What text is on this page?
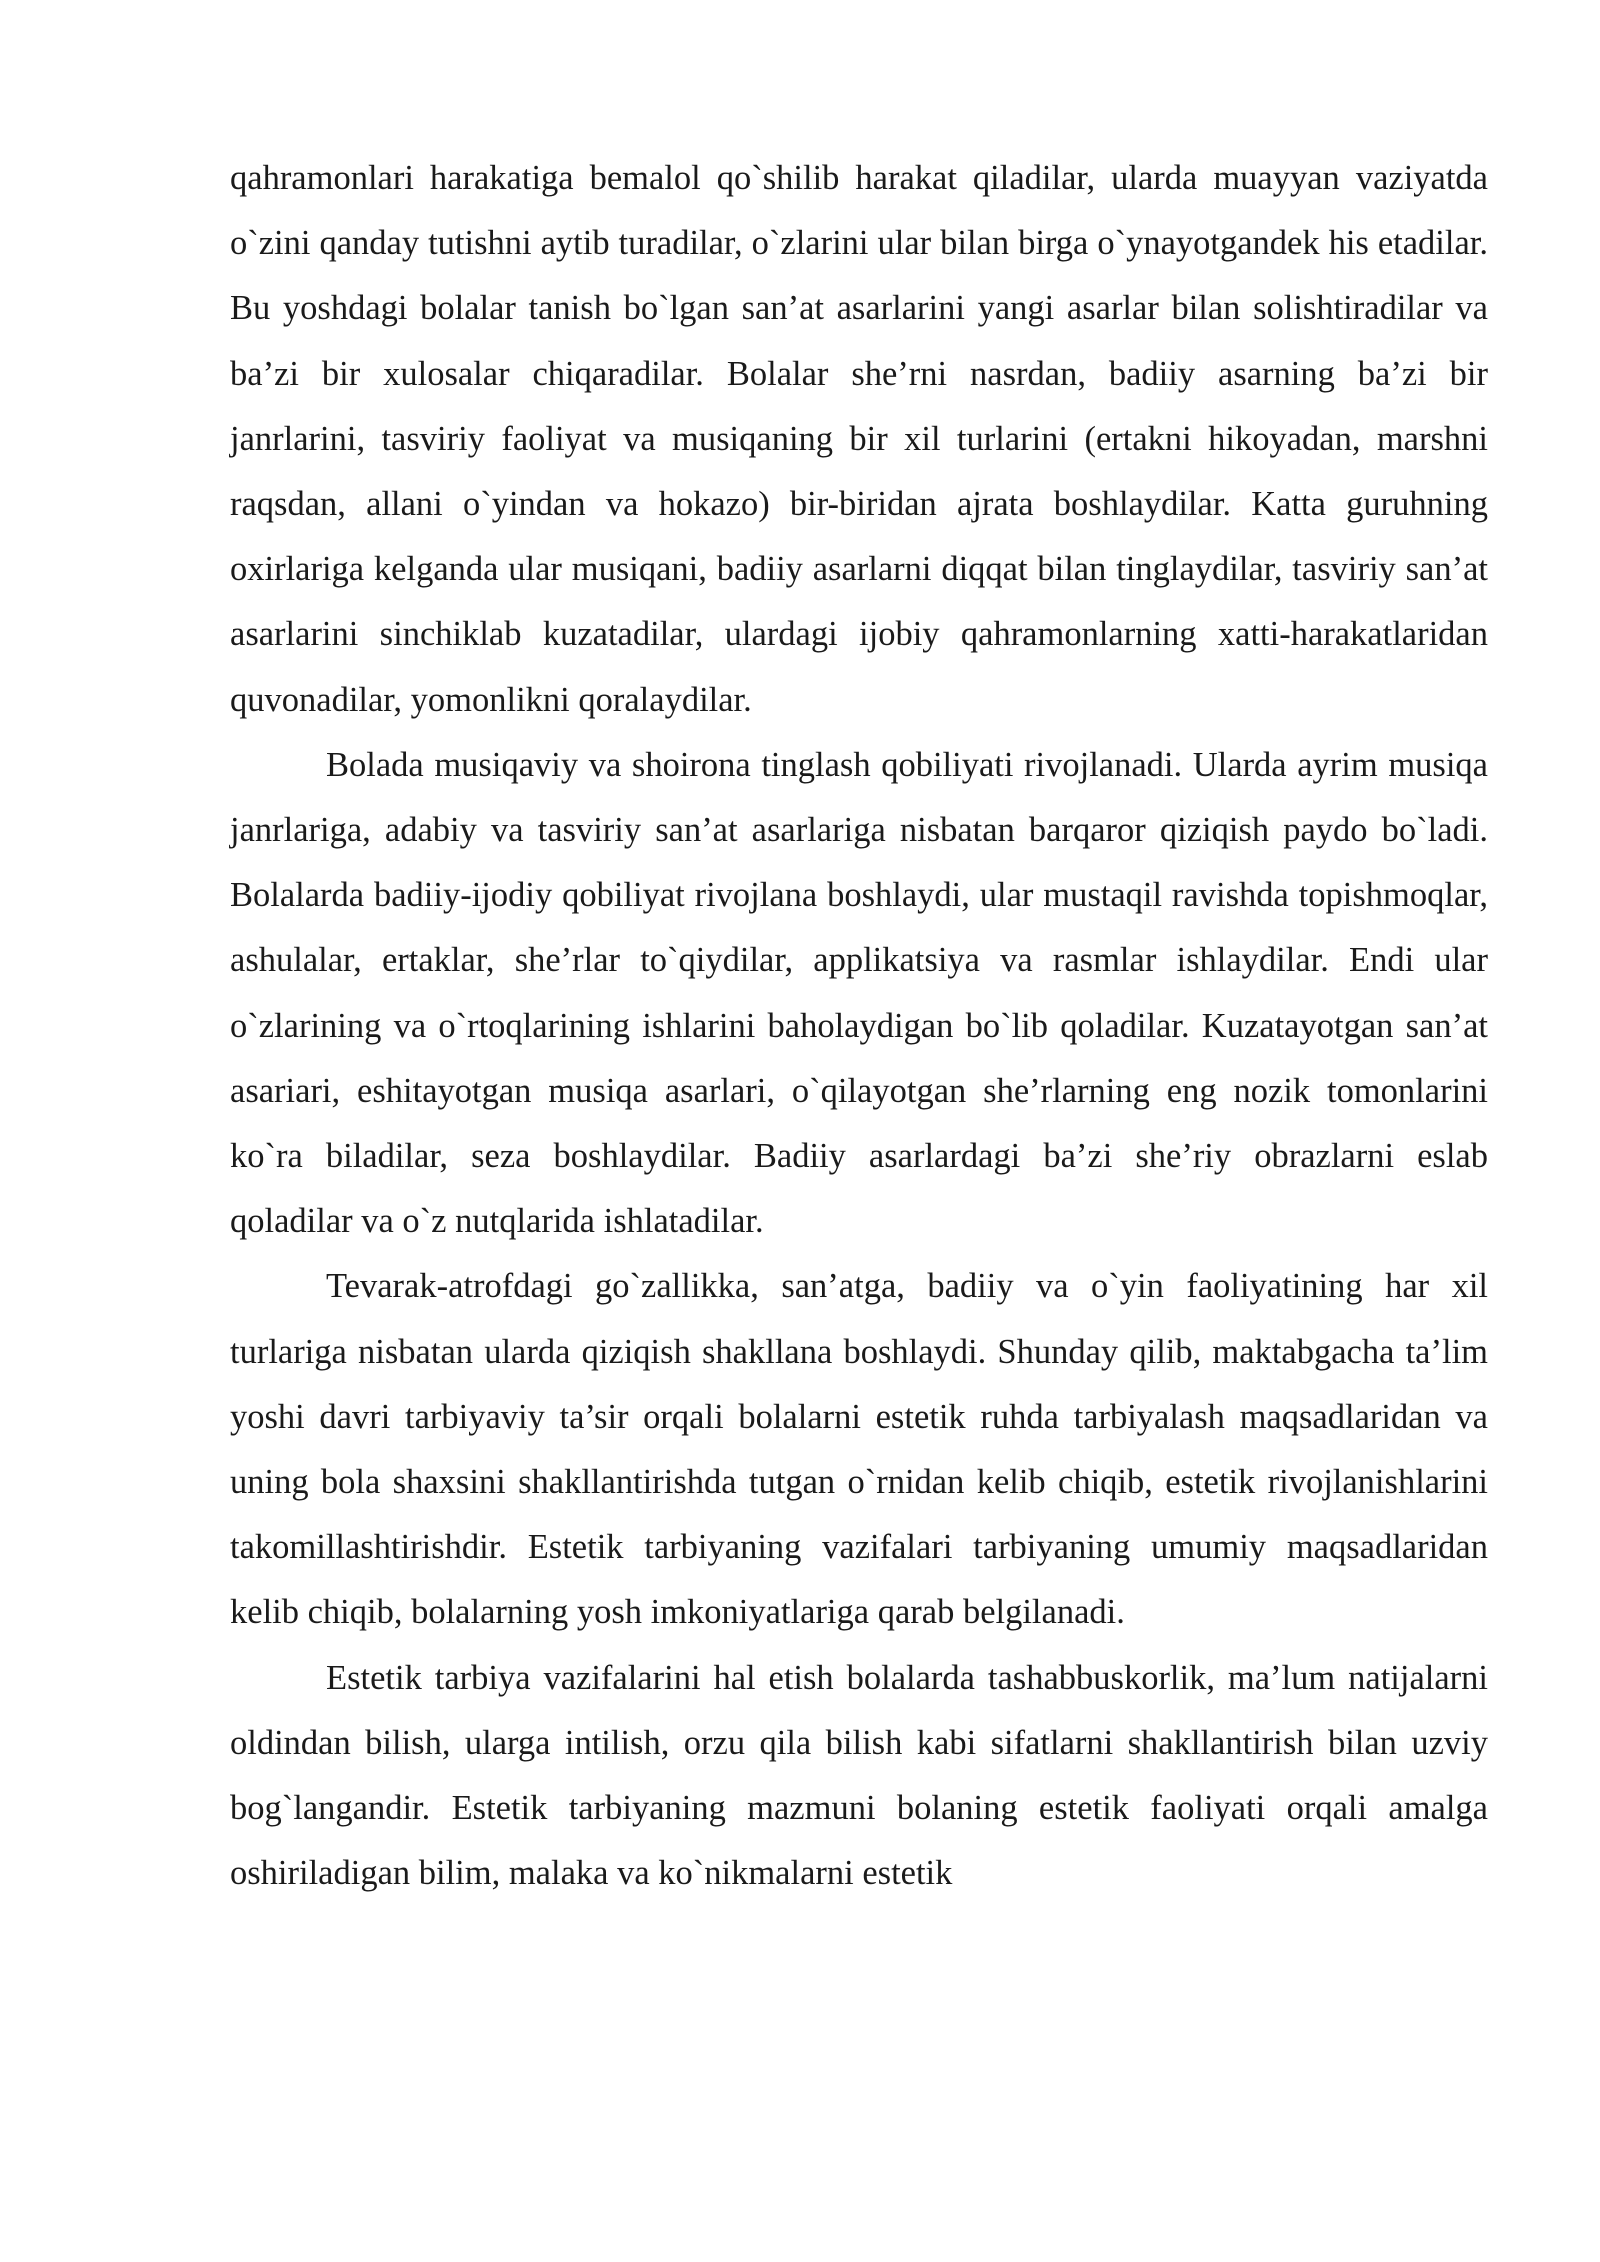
qahramonlari harakatiga bemalol qo`shilib harakat qiladilar, ularda muayyan vaziyatda o`zini qanday tutishni aytib turadilar, o`zlarini ular bilan birga o`ynayotgandek his etadilar. Bu yoshdagi bolalar tanish bo`lgan san’at asarlarini yangi asarlar bilan solishtiradilar va ba’zi bir xulosalar chiqaradilar. Bolalar she’rni nasrdan, badiiy asarning ba’zi bir janrlarini, tasviriy faoliyat va musiqaning bir xil turlarini (ertakni hikoyadan, marshni raqsdan, allani o`yindan va hokazo) bir-biridan ajrata boshlaydilar. Katta guruhning oxirlariga kelganda ular musiqani, badiiy asarlarni diqqat bilan tinglaydilar, tasviriy san’at asarlarini sinchiklab kuzatadilar, ulardagi ijobiy qahramonlarning xatti-harakatlaridan quvonadilar, yomonlikni qoralaydilar.

Bolada musiqaviy va shoirona tinglash qobiliyati rivojlanadi. Ularda ayrim musiqa janrlariga, adabiy va tasviriy san’at asarlariga nisbatan barqaror qiziqish paydo bo`ladi. Bolalarda badiiy-ijodiy qobiliyat rivojlana boshlaydi, ular mustaqil ravishda topishmoqlar, ashulalar, ertaklar, she’rlar to`qiydilar, applikatsiya va rasmlar ishlaydilar. Endi ular o`zlarining va o`rtoqlarining ishlarini baholaydigan bo`lib qoladilar. Kuzatayotgan san’at asariari, eshitayotgan musiqa asarlari, o`qilayotgan she’rlarning eng nozik tomonlarini ko`ra biladilar, seza boshlaydilar. Badiiy asarlardagi ba’zi she’riy obrazlarni eslab qoladilar va o`z nutqlarida ishlatadilar.

Tevarak-atrofdagi go`zallikka, san’atga, badiiy va o`yin faoliyatining har xil turlariga nisbatan ularda qiziqish shakllana boshlaydi. Shunday qilib, maktabgacha ta’lim yoshi davri tarbiyaviy ta’sir orqali bolalarni estetik ruhda tarbiyalash maqsadlaridan va uning bola shaxsini shakllantirishda tutgan o`rnidan kelib chiqib, estetik rivojlanishlarini takomillashtirishdir. Estetik tarbiyaning vazifalari tarbiyaning umumiy maqsadlaridan kelib chiqib, bolalarning yosh imkoniyatlariga qarab belgilanadi.

Estetik tarbiya vazifalarini hal etish bolalarda tashabbuskorlik, ma’lum natijalarni oldindan bilish, ularga intilish, orzu qila bilish kabi sifatlarni shakllantirish bilan uzviy bog`langandir. Estetik tarbiyaning mazmuni bolaning estetik faoliyati orqali amalga oshiriladigan bilim, malaka va ko`nikmalarni estetik
